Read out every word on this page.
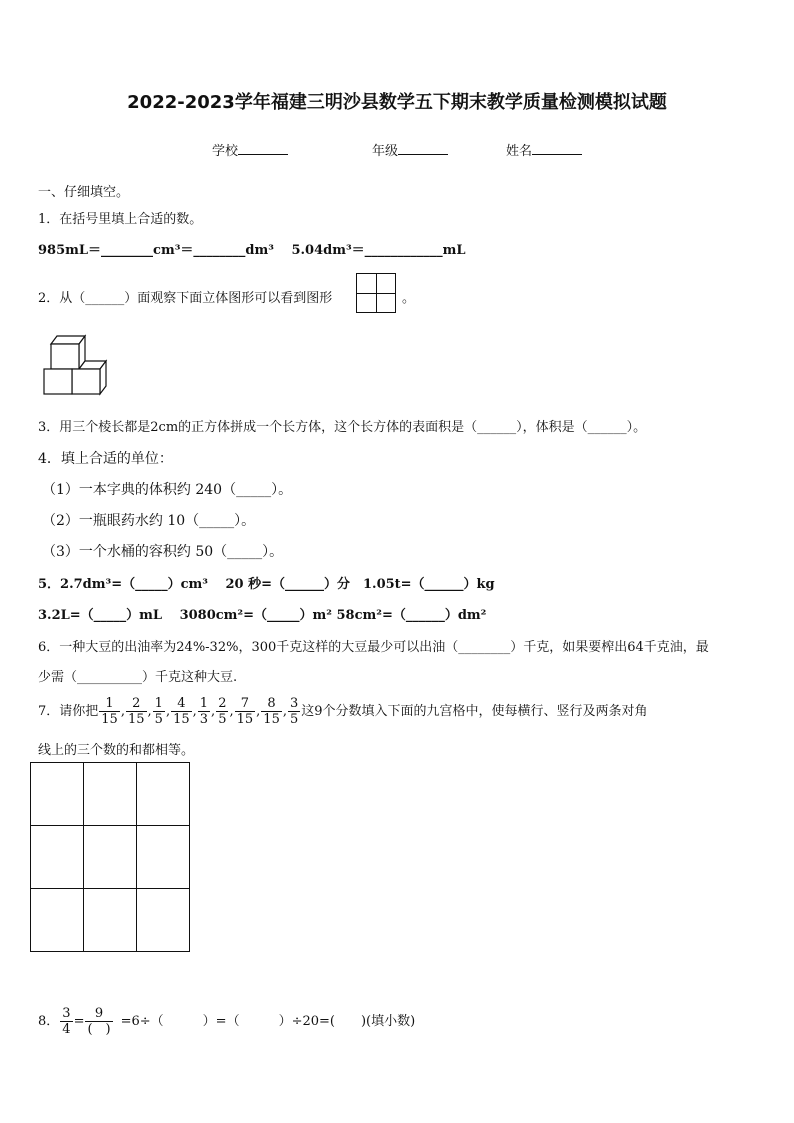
2022-2023学年福建三明沙县数学五下期末教学质量检测模拟试题
学校	年级	姓名
一、仔细填空。
1．在括号里填上合适的数。
985mL＝________cm³＝________dm³　 5.04dm³＝____________mL
2．从（______）面观察下面立体图形可以看到图形	。
3．用三个棱长都是2cm的正方体拼成一个长方体，这个长方体的表面积是（______），体积是（______）。
4．填上合适的单位：
（1）一本字典的体积约 240（_____）。
（2）一瓶眼药水约 10（_____）。
（3）一个水桶的容积约 50（_____）。
5．2.7dm³=（_____）cm³　 20 秒=（______）分　1.05t=（______）kg
3.2L=（_____）mL　 3080cm²=（_____）m² 58cm²=（______）dm²
6．一种大豆的出油率为24%-32%，300千克这样的大豆最少可以出油（________）千克，如果要榨出64千克油，最
少需（__________）千克这种大豆.
7．请你把 $\frac{1}{15}$ , $\frac{2}{15}$ , $\frac{1}{5}$ , $\frac{4}{15}$ , $\frac{1}{3}$ , $\frac{2}{5}$ , $\frac{7}{15}$ , $\frac{8}{15}$ , $\frac{3}{5}$ 这9个分数填入下面的九宫格中，使每横行、竖行及两条对角
线上的三个数的和都相等。

8． $\frac{3}{4} = \frac{9}{( )} =6\div$（　　　）=（　　　）÷20=(　　)(填小数)
